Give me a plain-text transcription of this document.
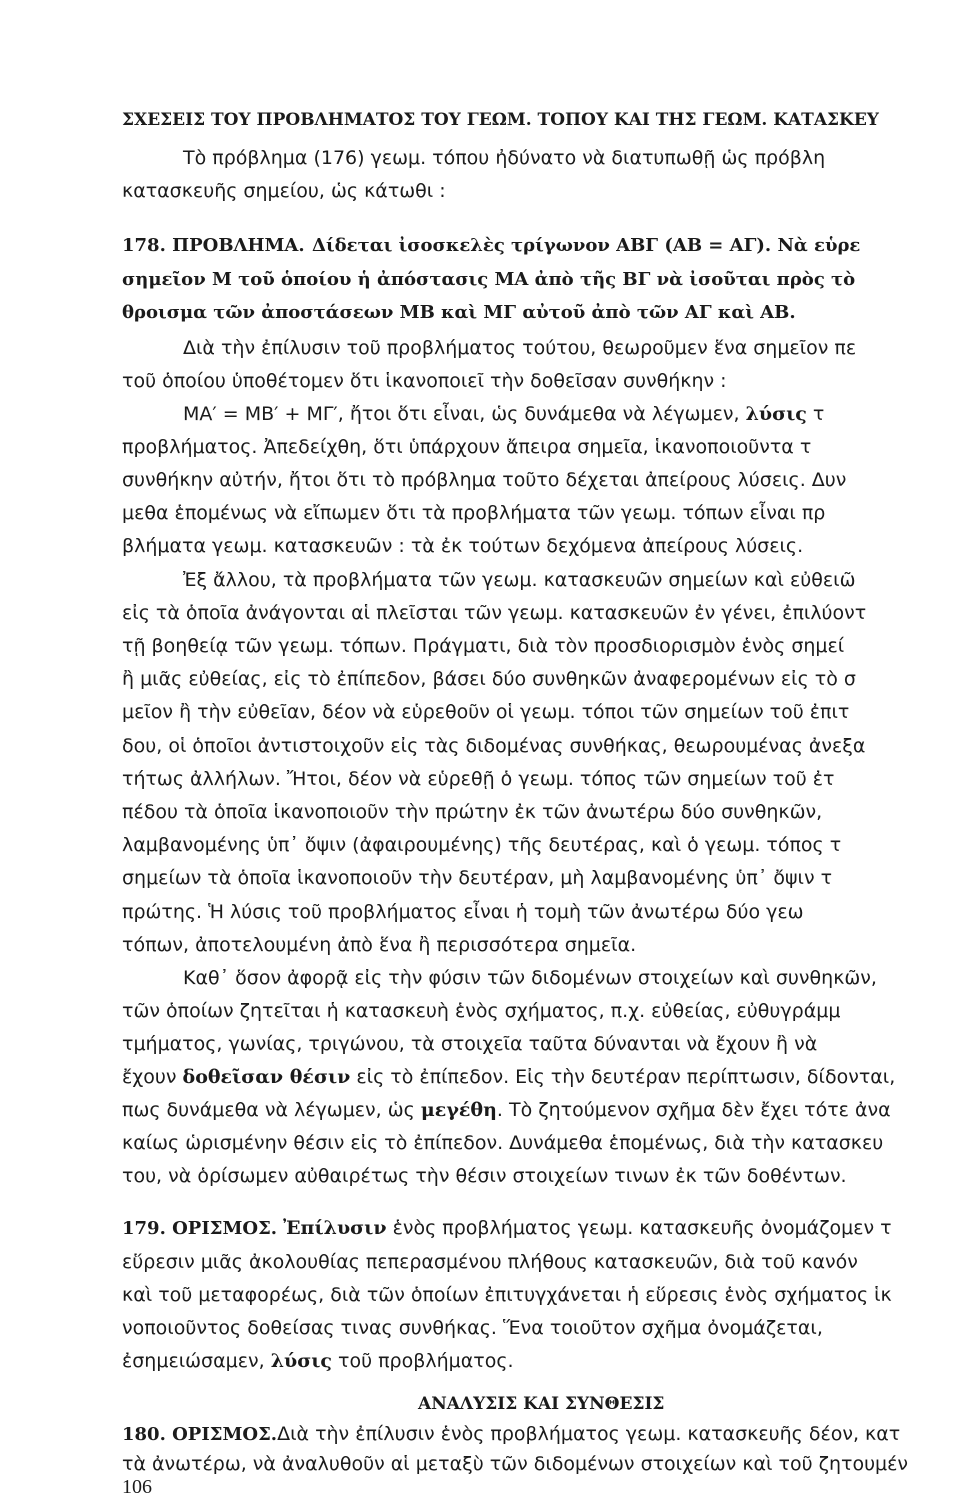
ΣΧΕΣΕΙΣ ΤΟΥ ΠΡΟΒΛΗΜΑΤΟΣ ΤΟΥ ΓΕΩΜ. ΤΟΠΟΥ ΚΑΙ ΤΗΣ ΓΕΩΜ. ΚΑΤΑΣΚΕΥ
Τὸ πρόβλημα (176) γεωμ. τόπου ἠδύνατο νὰ διατυπωθῇ ὡς πρόβλη
κατασκευῆς σημείου, ὡς κάτωθι :
178. ΠΡΟΒΛΗΜΑ. Δίδεται ἰσοσκελὲς τρίγωνον ΑΒΓ (ΑΒ = ΑΓ). Νὰ εὑρε
σημεῖον Μ τοῦ ὁποίου ἡ ἀπόστασις ΜΑ ἀπὸ τῆς ΒΓ νὰ ἰσοῦται πρὸς τὸ
θροισμα τῶν ἀποστάσεων ΜΒ καὶ ΜΓ αὐτοῦ ἀπὸ τῶν ΑΓ καὶ ΑΒ.
Διὰ τὴν ἐπίλυσιν τοῦ προβλήματος τούτου, θεωροῦμεν ἕνα σημεῖον πε
τοῦ ὁποίου ὑποθέτομεν ὅτι ἱκανοποιεῖ τὴν δοθεῖσαν συνθήκην :
ΜΑ′ = ΜΒ′ + ΜΓ′, ἤτοι ὅτι εἶναι, ὡς δυνάμεθα νὰ λέγωμεν, λύσις τ
προβλήματος. Ἀπεδείχθη, ὅτι ὑπάρχουν ἄπειρα σημεῖα, ἱκανοποιοῦντα τ
συνθήκην αὐτήν, ἤτοι ὅτι τὸ πρόβλημα τοῦτο δέχεται ἀπείρους λύσεις. Δυν
μεθα ἑπομένως νὰ εἴπωμεν ὅτι τὰ προβλήματα τῶν γεωμ. τόπων εἶναι πρ
βλήματα γεωμ. κατασκευῶν : τὰ ἐκ τούτων δεχόμενα ἀπείρους λύσεις.
Ἐξ ἄλλου, τὰ προβλήματα τῶν γεωμ. κατασκευῶν σημείων καὶ εὐθειῶ
εἰς τὰ ὁποῖα ἀνάγονται αἱ πλεῖσται τῶν γεωμ. κατασκευῶν ἐν γένει, ἐπιλύοντ
τῇ βοηθείᾳ τῶν γεωμ. τόπων. Πράγματι, διὰ τὸν προσδιορισμὸν ἑνὸς σημεί
ἢ μιᾶς εὐθείας, εἰς τὸ ἐπίπεδον, βάσει δύο συνθηκῶν ἀναφερομένων εἰς τὸ σ
μεῖον ἢ τὴν εὐθεῖαν, δέον νὰ εὑρεθοῦν οἱ γεωμ. τόποι τῶν σημείων τοῦ ἐπιτ
δου, οἱ ὁποῖοι ἀντιστοιχοῦν εἰς τὰς διδομένας συνθήκας, θεωρουμένας ἀνεξα
τήτως ἀλλήλων. Ἤτοι, δέον νὰ εὑρεθῇ ὁ γεωμ. τόπος τῶν σημείων τοῦ ἐτ
πέδου τὰ ὁποῖα ἱκανοποιοῦν τὴν πρώτην ἐκ τῶν ἀνωτέρω δύο συνθηκῶν,
λαμβανομένης ὑπ᾽ ὄψιν (ἀφαιρουμένης) τῆς δευτέρας, καὶ ὁ γεωμ. τόπος τ
σημείων τὰ ὁποῖα ἱκανοποιοῦν τὴν δευτέραν, μὴ λαμβανομένης ὑπ᾽ ὄψιν τ
πρώτης. Ἡ λύσις τοῦ προβλήματος εἶναι ἡ τομὴ τῶν ἀνωτέρω δύο γεω
τόπων, ἀποτελουμένη ἀπὸ ἕνα ἢ περισσότερα σημεῖα.
Καθ᾽ ὅσον ἀφορᾷ εἰς τὴν φύσιν τῶν διδομένων στοιχείων καὶ συνθηκῶν,
τῶν ὁποίων ζητεῖται ἡ κατασκευὴ ἑνὸς σχήματος, π.χ. εὐθείας, εὐθυγράμμ
τμήματος, γωνίας, τριγώνου, τὰ στοιχεῖα ταῦτα δύνανται νὰ ἔχουν ἢ νὰ
ἔχουν δοθεῖσαν θέσιν εἰς τὸ ἐπίπεδον. Εἰς τὴν δευτέραν περίπτωσιν, δίδονται,
πως δυνάμεθα νὰ λέγωμεν, ὡς μεγέθη. Τὸ ζητούμενον σχῆμα δὲν ἔχει τότε ἀνα
καίως ὡρισμένην θέσιν εἰς τὸ ἐπίπεδον. Δυνάμεθα ἑπομένως, διὰ τὴν κατασκευ
του, νὰ ὁρίσωμεν αὐθαιρέτως τὴν θέσιν στοιχείων τινων ἐκ τῶν δοθέντων.
179. ΟΡΙΣΜΟΣ. Ἐπίλυσιν ἑνὸς προβλήματος γεωμ. κατασκευῆς ὀνομάζομεν τ
εὕρεσιν μιᾶς ἀκολουθίας πεπερασμένου πλήθους κατασκευῶν, διὰ τοῦ κανόν
καὶ τοῦ μεταφορέως, διὰ τῶν ὁποίων ἐπιτυγχάνεται ἡ εὕρεσις ἑνὸς σχήματος ἱκ
νοποιοῦντος δοθείσας τινας συνθήκας. Ἕνα τοιοῦτον σχῆμα ὀνομάζεται,
ἐσημειώσαμεν, λύσις τοῦ προβλήματος.
ΑΝΑΛΥΣΙΣ ΚΑΙ ΣΥΝΘΕΣΙΣ
180. ΟΡΙΣΜΟΣ.Διὰ τὴν ἐπίλυσιν ἑνὸς προβλήματος γεωμ. κατασκευῆς δέον, κατ
τὰ ἀνωτέρω, νὰ ἀναλυθοῦν αἱ μεταξὺ τῶν διδομένων στοιχείων καὶ τοῦ ζητουμέν
106
